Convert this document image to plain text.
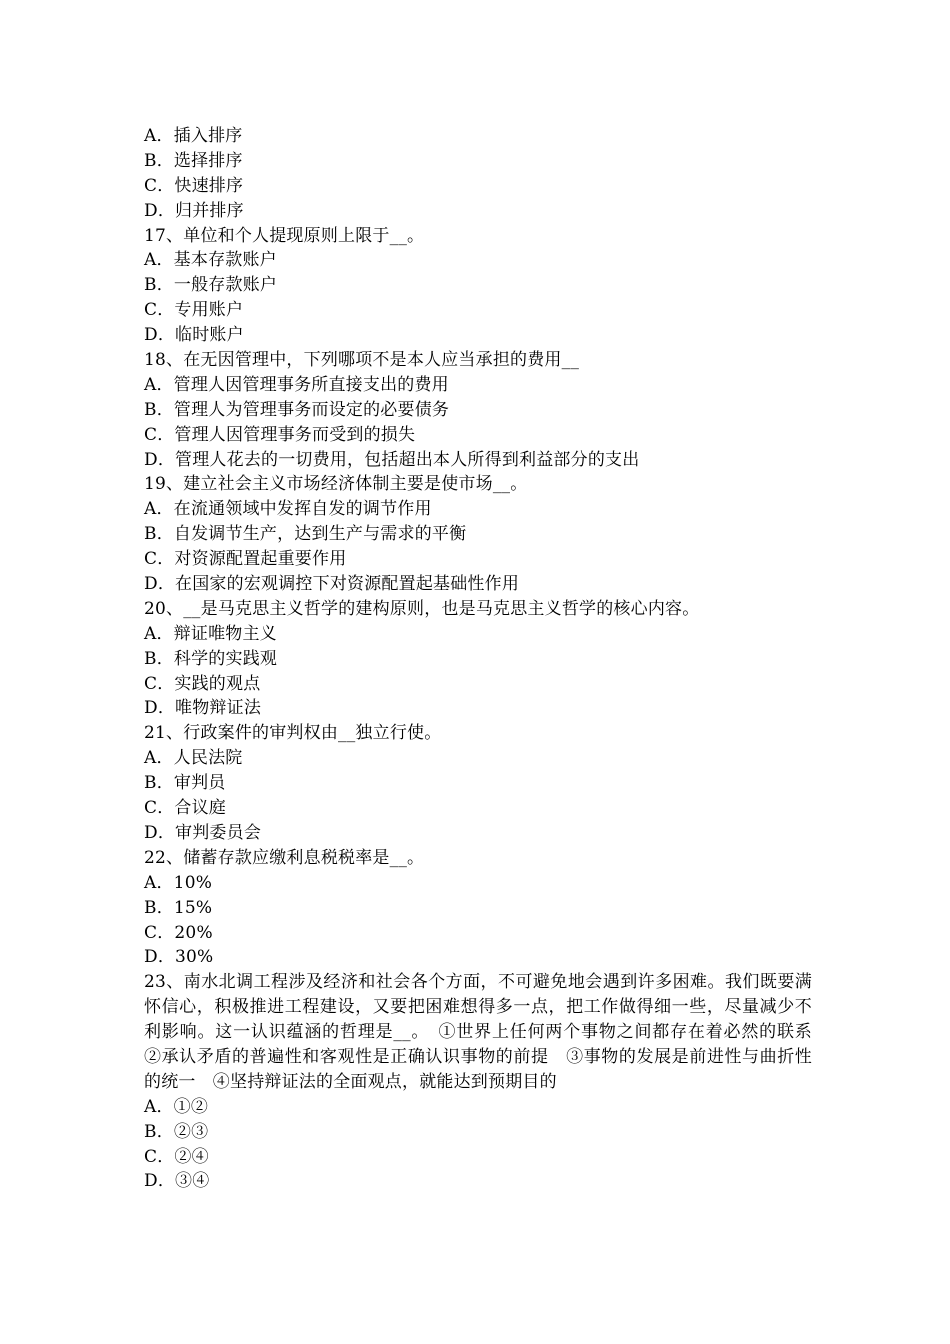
A．插入排序
B．选择排序
C．快速排序
D．归并排序
17、单位和个人提现原则上限于__。
A．基本存款账户
B．一般存款账户
C．专用账户
D．临时账户
18、在无因管理中，下列哪项不是本人应当承担的费用__
A．管理人因管理事务所直接支出的费用
B．管理人为管理事务而设定的必要债务
C．管理人因管理事务而受到的损失
D．管理人花去的一切费用，包括超出本人所得到利益部分的支出
19、建立社会主义市场经济体制主要是使市场__。
A．在流通领域中发挥自发的调节作用
B．自发调节生产，达到生产与需求的平衡
C．对资源配置起重要作用
D．在国家的宏观调控下对资源配置起基础性作用
20、__是马克思主义哲学的建构原则，也是马克思主义哲学的核心内容。
A．辩证唯物主义
B．科学的实践观
C．实践的观点
D．唯物辩证法
21、行政案件的审判权由__独立行使。
A．人民法院
B．审判员
C．合议庭
D．审判委员会
22、储蓄存款应缴利息税税率是__。
A．10%
B．15%
C．20%
D．30%
23、南水北调工程涉及经济和社会各个方面，不可避免地会遇到许多困难。我们既要满怀信心，积极推进工程建设，又要把困难想得多一点，把工作做得细一些，尽量减少不利影响。这一认识蕴涵的哲理是__。　①世界上任何两个事物之间都存在着必然的联系　②承认矛盾的普遍性和客观性是正确认识事物的前提　③事物的发展是前进性与曲折性的统一　④坚持辩证法的全面观点，就能达到预期目的
A．①②
B．②③
C．②④
D．③④
